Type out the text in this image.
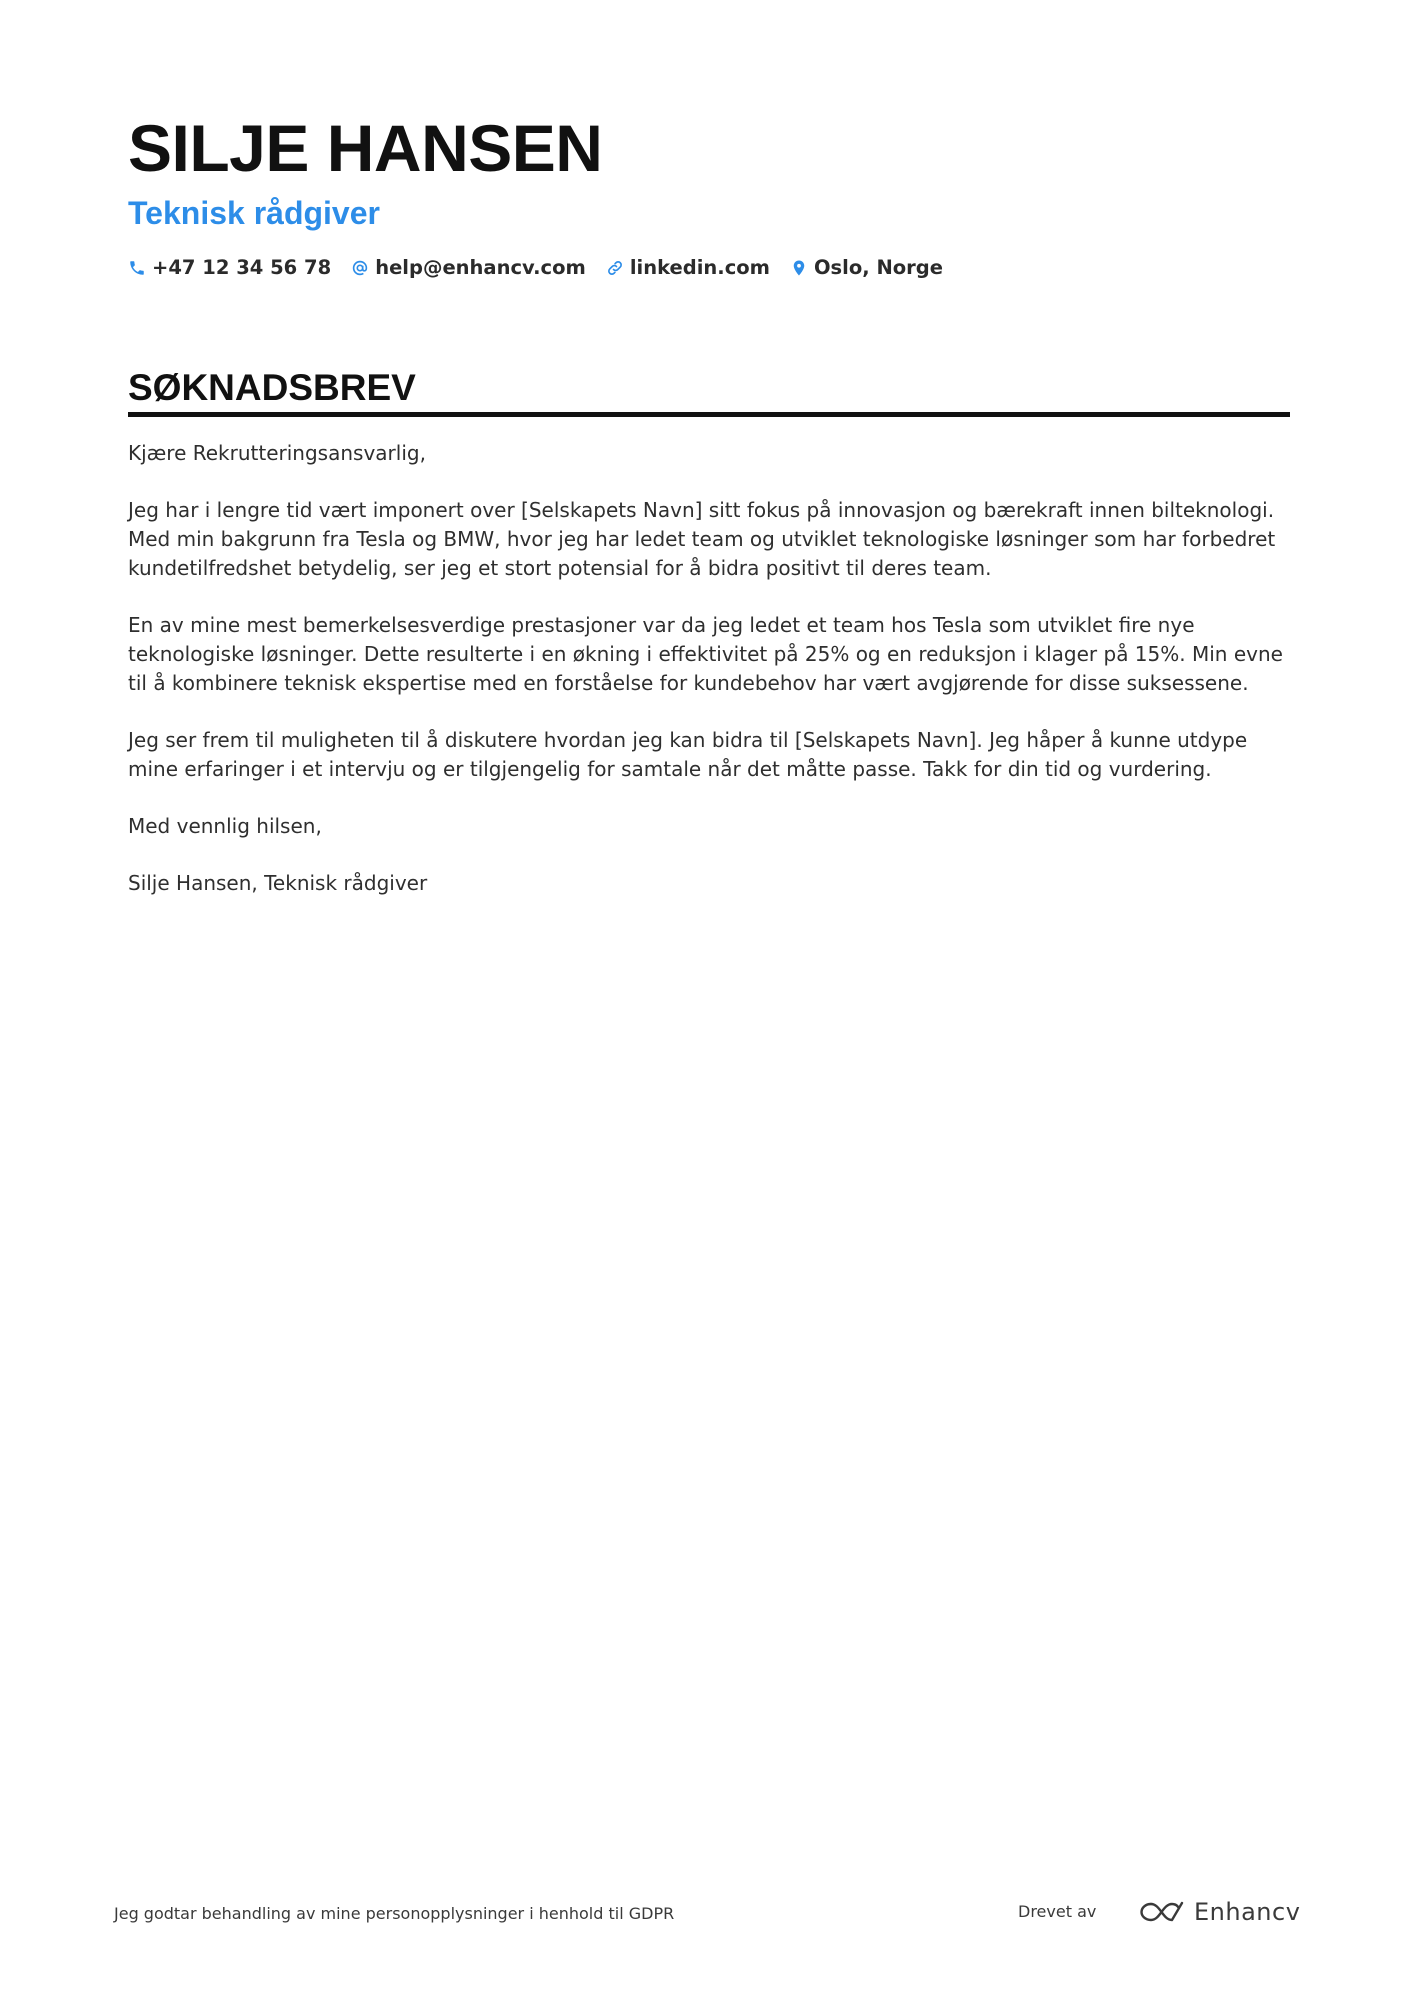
SILJE HANSEN
Teknisk rådgiver
+47 12 34 56 78 help@enhancv.com linkedin.com Oslo, Norge
SØKNADSBREV

Kjære Rekrutteringsansvarlig,

Jeg har i lengre tid vært imponert over [Selskapets Navn] sitt fokus på innovasjon og bærekraft innen bilteknologi. Med min bakgrunn fra Tesla og BMW, hvor jeg har ledet team og utviklet teknologiske løsninger som har forbedret kundetilfredshet betydelig, ser jeg et stort potensial for å bidra positivt til deres team.

En av mine mest bemerkelsesverdige prestasjoner var da jeg ledet et team hos Tesla som utviklet fire nye teknologiske løsninger. Dette resulterte i en økning i effektivitet på 25% og en reduksjon i klager på 15%. Min evne til å kombinere teknisk ekspertise med en forståelse for kundebehov har vært avgjørende for disse suksessene.

Jeg ser frem til muligheten til å diskutere hvordan jeg kan bidra til [Selskapets Navn]. Jeg håper å kunne utdype mine erfaringer i et intervju og er tilgjengelig for samtale når det måtte passe. Takk for din tid og vurdering.

Med vennlig hilsen,

Silje Hansen, Teknisk rådgiver

Jeg godtar behandling av mine personopplysninger i henhold til GDPR	Drevet av	Enhancv
